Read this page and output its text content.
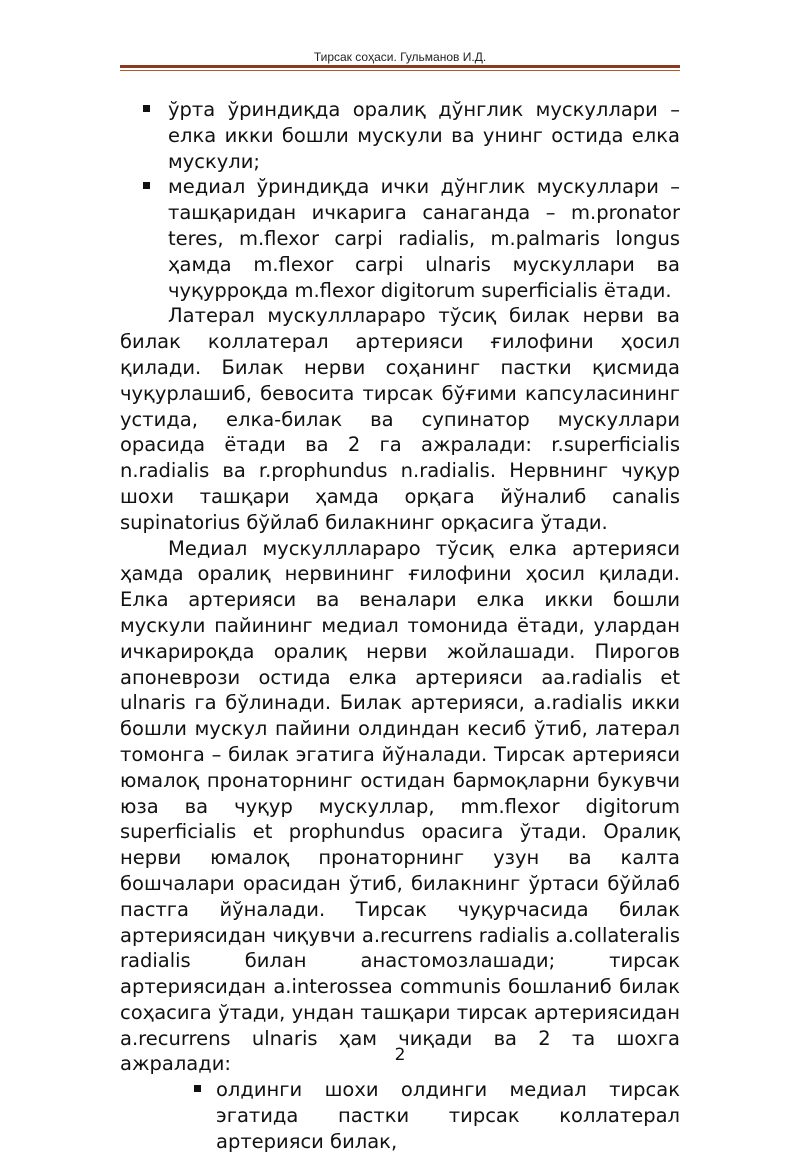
Тирсак соҳаси. Гульманов И.Д.
ўрта ўриндиқда оралиқ дўнглик мускуллари – елка икки бошли мускули ва унинг остида елка мускули;
медиал ўриндиқда ички дўнглик мускуллари – ташқаридан ичкарига санаганда – m.pronator teres, m.flexor carpi radialis, m.palmaris longus ҳамда m.flexor carpi ulnaris мускуллари ва чуқурроқда m.flexor digitorum superficialis ётади.

Латерал мускулллараро тўсиқ билак нерви ва билак коллатерал артерияси ғилофини ҳосил қилади. Билак нерви соҳанинг пастки қисмида чуқурлашиб, бевосита тирсак бўғими капсуласининг устида, елка-билак ва супинатор мускуллари орасида ётади ва 2 га ажралади: r.superficialis n.radialis ва r.prophundus n.radialis. Нервнинг чуқур шохи ташқари ҳамда орқага йўналиб canalis supinatorius бўйлаб билакнинг орқасига ўтади.

Медиал мускулллараро тўсиқ елка артерияси ҳамда оралиқ нервининг ғилофини ҳосил қилади. Елка артерияси ва веналари елка икки бошли мускули пайининг медиал томонида ётади, улардан ичкарироқда оралиқ нерви жойлашади. Пирогов апоневрози остида елка артерияси aa.radialis et ulnaris га бўлинади. Билак артерияси, a.radialis икки бошли мускул пайини олдиндан кесиб ўтиб, латерал томонга – билак эгатига йўналади. Тирсак артерияси юмалоқ пронаторнинг остидан бармоқларни букувчи юза ва чуқур мускуллар, mm.flexor digitorum superficialis et prophundus орасига ўтади. Оралиқ нерви юмалоқ пронаторнинг узун ва калта бошчалари орасидан ўтиб, билакнинг ўртаси бўйлаб пастга йўналади. Тирсак чуқурчасида билак артериясидан чиқувчи a.recurrens radialis a.collateralis radialis билан анастомозлашади; тирсак артериясидан a.interossea communis бошланиб билак соҳасига ўтади, ундан ташқари тирсак артериясидан a.recurrens ulnaris ҳам чиқади ва 2 та шохга ажралади:

олдинги шохи олдинги медиал тирсак эгатида пастки тирсак коллатерал артерияси билак,
2
